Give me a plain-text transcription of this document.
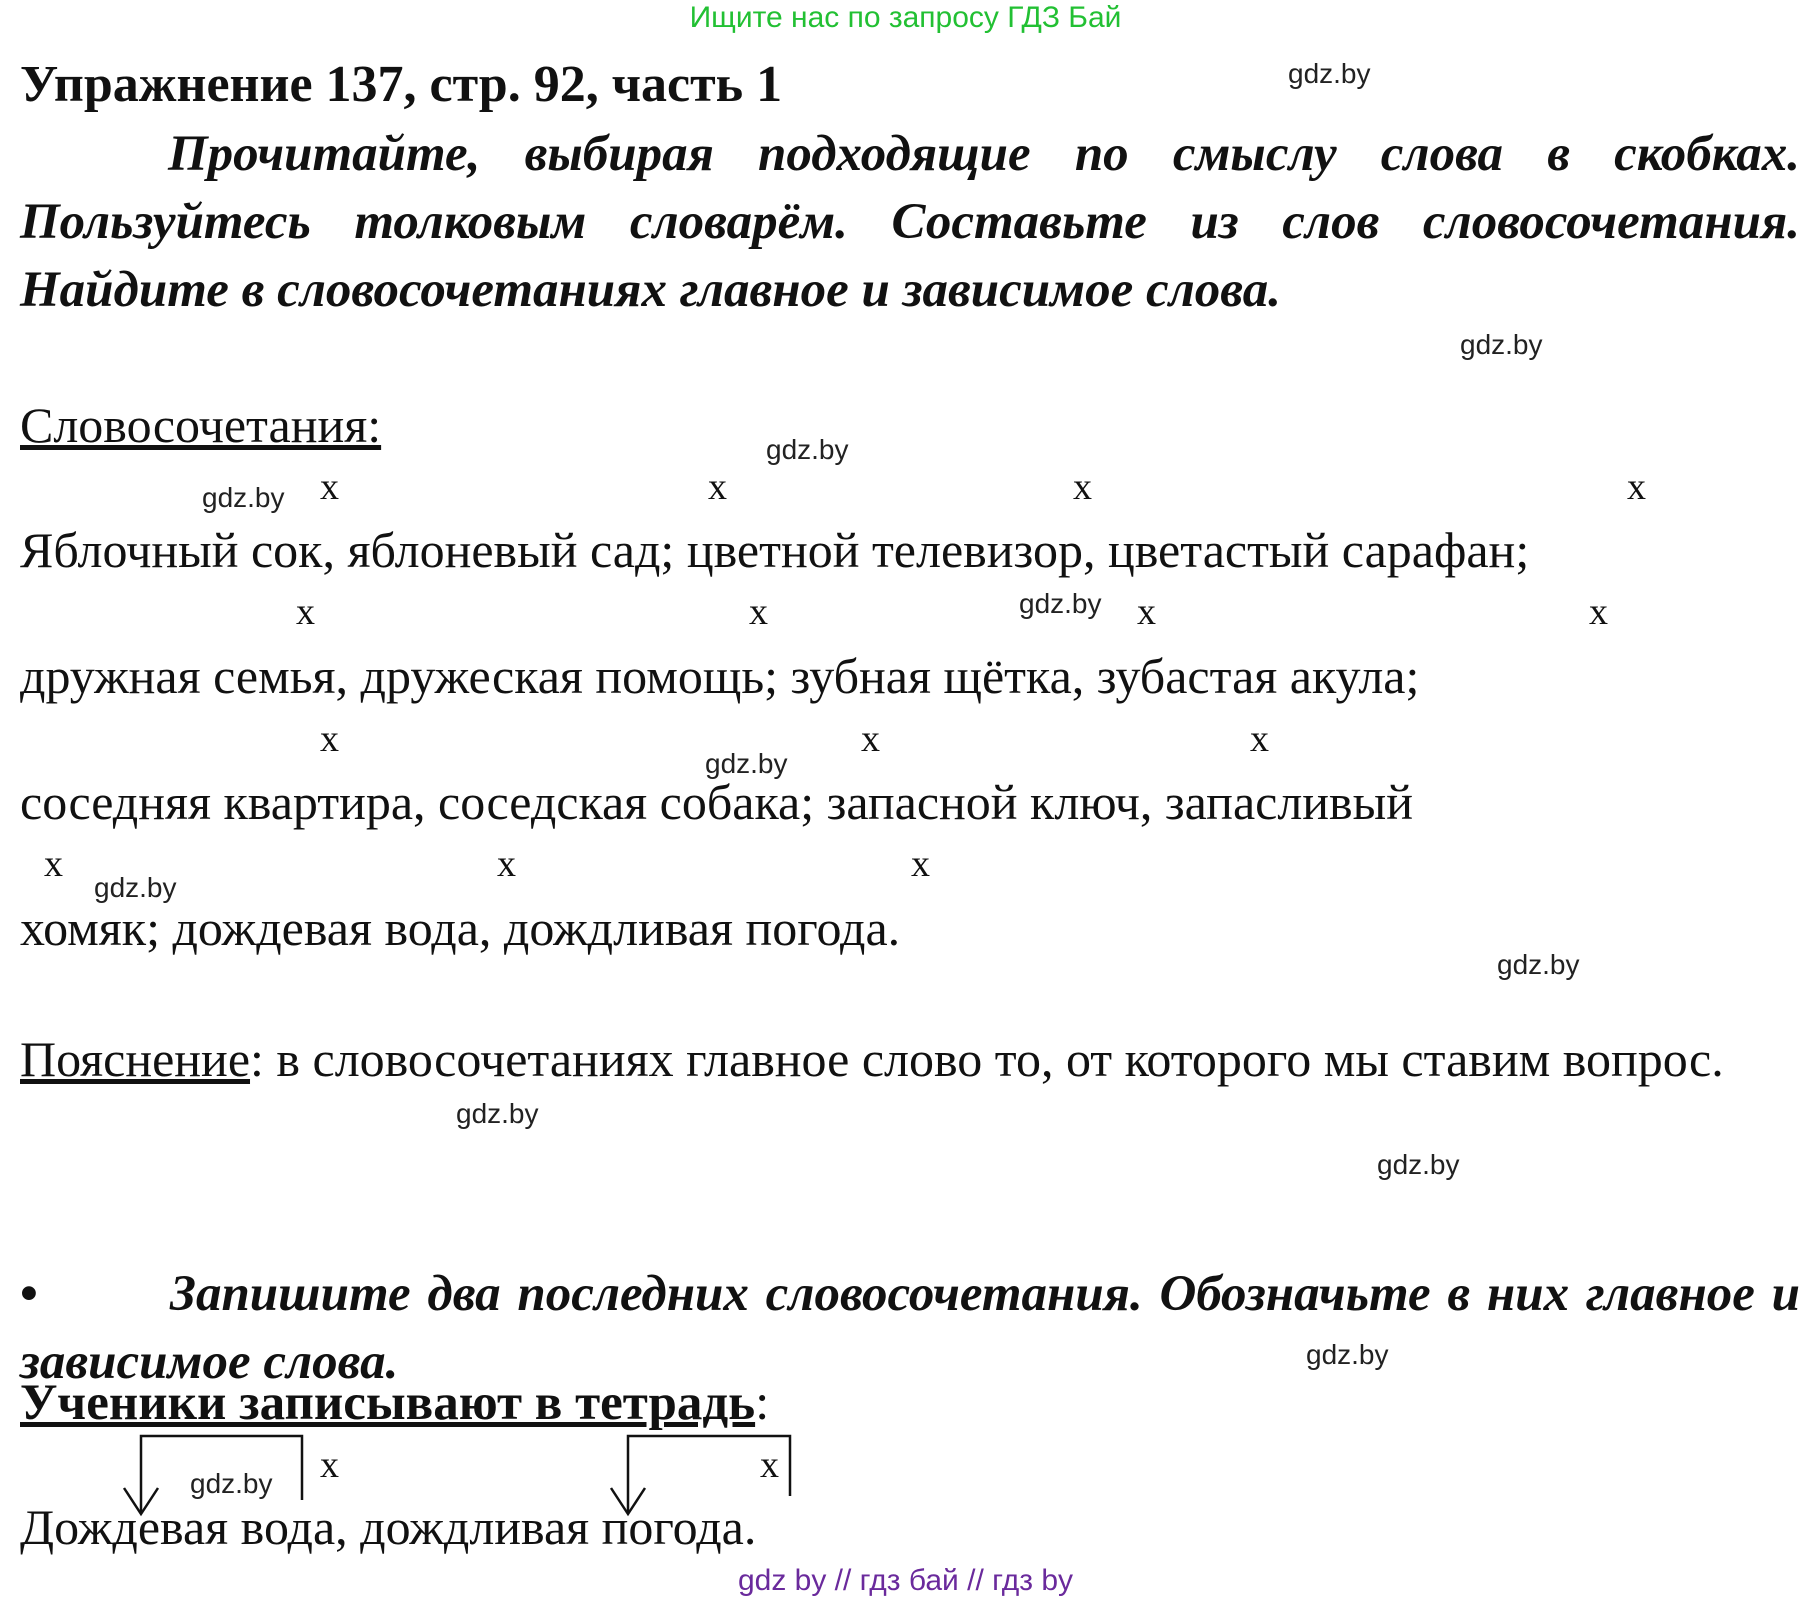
Ищите нас по запросу ГДЗ Бай
Упражнение 137, стр. 92, часть 1
Прочитайте, выбирая подходящие по смыслу слова в скобках. Пользуйтесь толковым словарём. Составьте из слов словосочетания. Найдите в словосочетаниях главное и зависимое слова.
Словосочетания:
x	x	x	x
Яблочный сок, яблоневый сад; цветной телевизор, цветастый сарафан;
x	x	x	x
дружная семья, дружеская помощь; зубная щётка, зубастая акула;
x	x	x
соседняя квартира, соседская собака; запасной ключ, запасливый
x	x	x
хомяк; дождевая вода, дождливая погода.
Пояснение: в словосочетаниях главное слово то, от которого мы ставим вопрос.
•	Запишите два последних словосочетания. Обозначьте в них главное и зависимое слова.
Ученики записывают в тетрадь:
x	x
Дождевая вода, дождливая погода.
gdz.by
gdz.by
gdz.by
gdz.by
gdz.by
gdz.by
gdz.by
gdz.by
gdz.by
gdz.by
gdz.by
gdz.by
gdz by // гдз бай // гдз by
